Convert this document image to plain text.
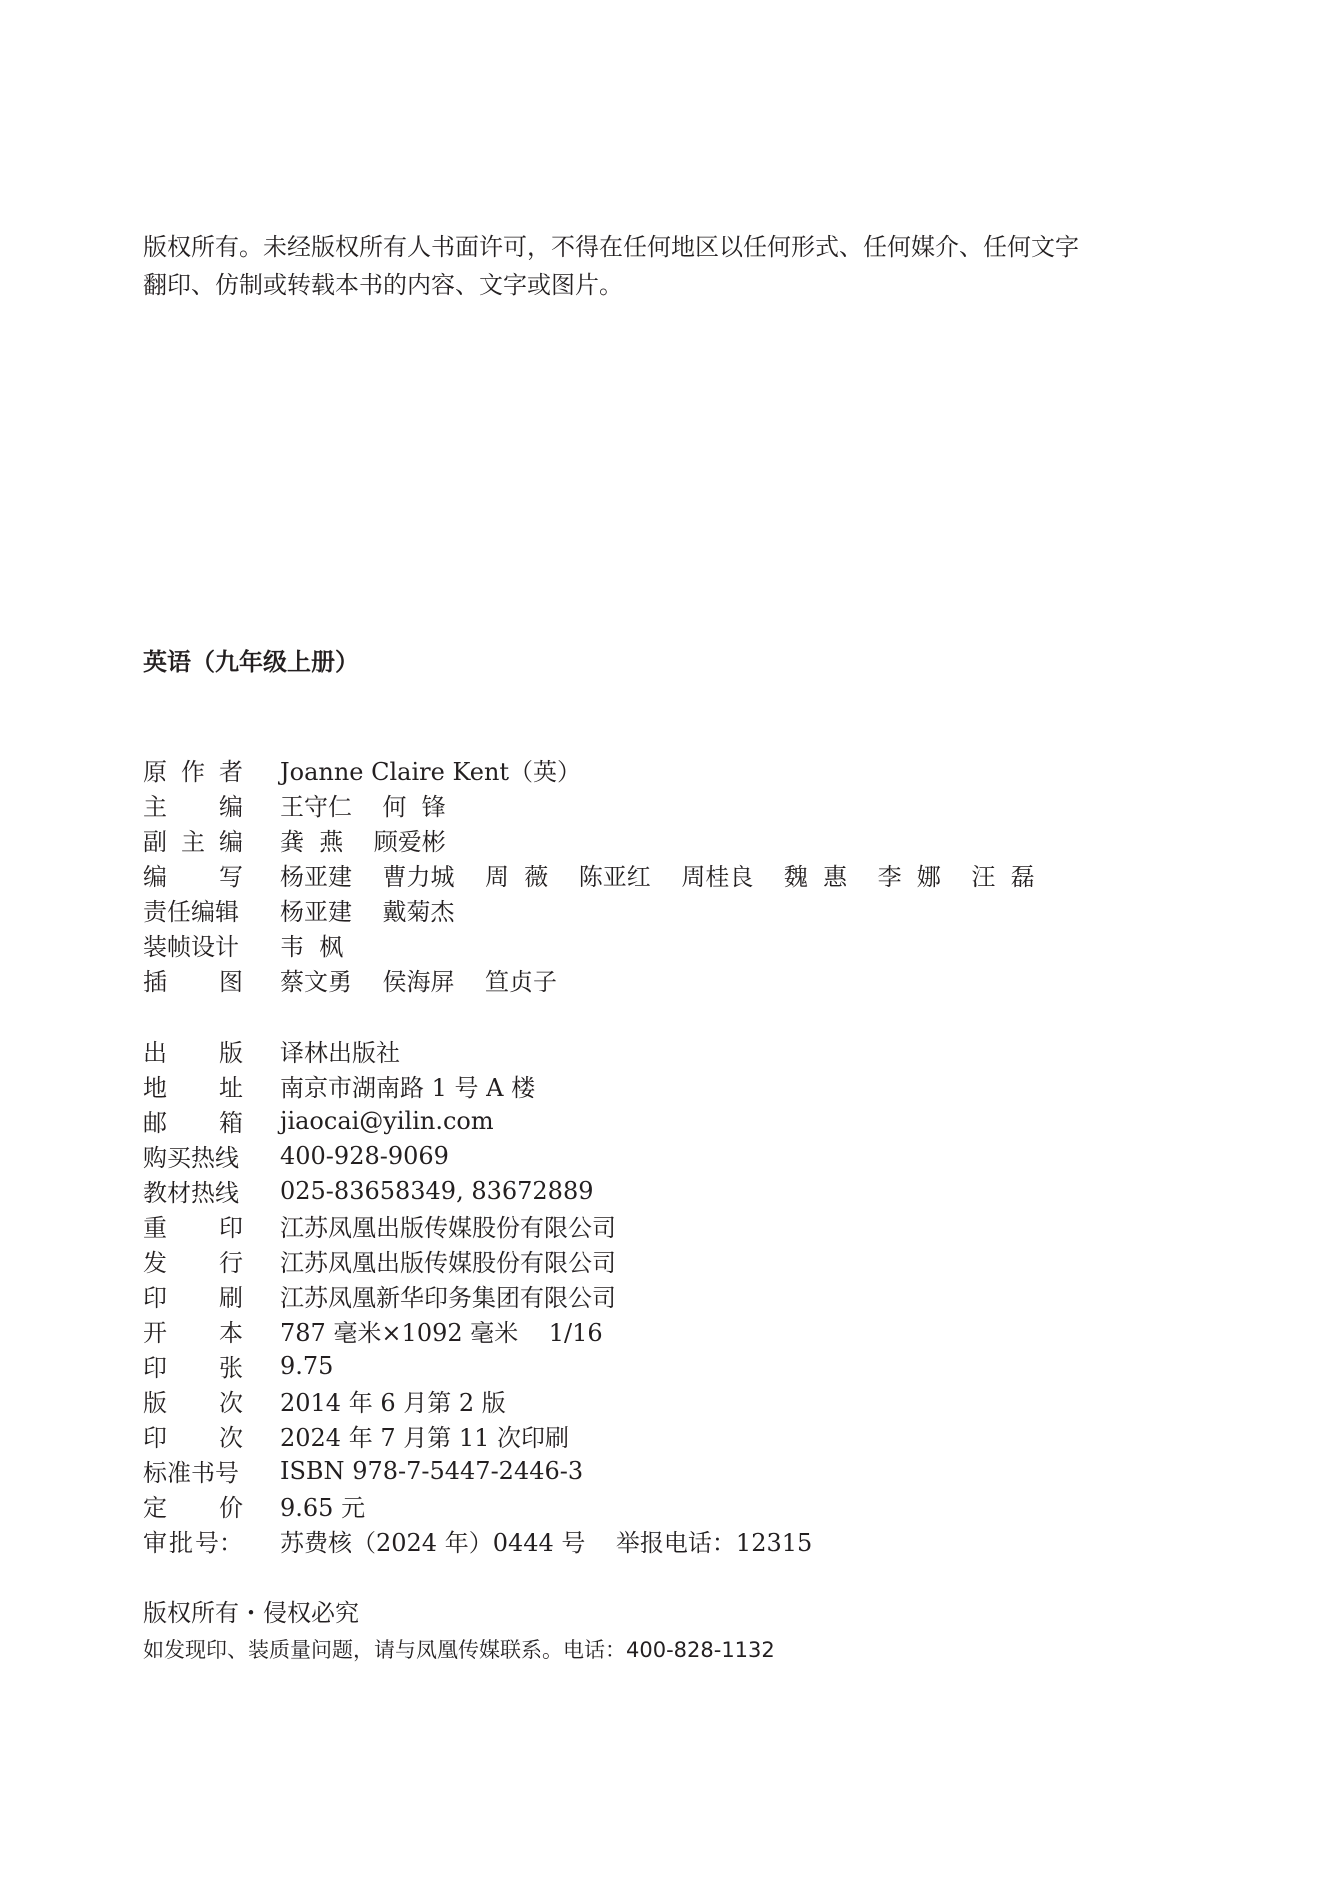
版权所有。未经版权所有人书面许可，不得在任何地区以任何形式、任何媒介、任何文字

翻印、仿制或转载本书的内容、文字或图片。

英语（九年级上册）
原 作 者 Joanne Claire Kent（英）
主 编 王守仁    何  锋
副 主 编 龚  燕    顾爱彬
编 写 杨亚建    曹力城    周  薇    陈亚红    周桂良    魏  惠    李  娜    汪  磊
责任编辑 杨亚建    戴菊杰
装帧设计 韦  枫
插 图 蔡文勇    侯海屏    笪贞子
出 版 译林出版社
地 址 南京市湖南路 1 号 A 楼
邮 箱 jiaocai@yilin.com
购买热线 400-928-9069
教材热线 025-83658349, 83672889
重 印 江苏凤凰出版传媒股份有限公司
发 行 江苏凤凰出版传媒股份有限公司
印 刷 江苏凤凰新华印务集团有限公司
开 本 787 毫米×1092 毫米    1/16
印 张 9.75
版 次 2014 年 6 月第 2 版
印 次 2024 年 7 月第 11 次印刷
标准书号 ISBN 978-7-5447-2446-3
定 价 9.65 元
审 批 号： 苏费核（2024 年）0444 号    举报电话：12315

版权所有・侵权必究

如发现印、装质量问题，请与凤凰传媒联系。电话：400-828-1132
